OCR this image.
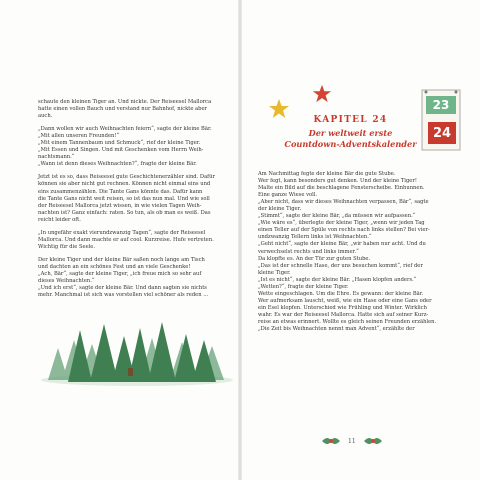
schaute den kleinen Tiger an. Und nickte. Der Reiseesel Mallorca

hatte einen vollen Bauch und verstand nur Bahnhof, nickte aber

auch.

„Dann wollen wir auch Weihnachten feiern“, sagte der kleine Bär.

„Mit allen unseren Freunden!“

„Mit einem Tannenbaum und Schmuck“, rief der kleine Tiger.

„Mit Essen und Singen. Und mit Geschenken vom Herrn Weih-

nachtsmann.“

„Wann ist denn dieses Weihnachten?“, fragte der kleine Bär.

Jetzt ist es so, dass Reiseesel gute Geschichtenerzähler sind. Dafür

können sie aber nicht gut rechnen. Können nicht einmal eins und

eins zusammenzählen. Die Tante Gans könnte das. Dafür kann

die Tante Gans nicht weit reisen, so ist das nun mal. Und wie soll

der Reiseesel Mallorca jetzt wissen, in wie vielen Tagen Weih-

nachten ist? Ganz einfach: raten. So tun, als ob man es weiß. Das

reicht leider oft.

„In ungefähr exakt vierundzwanzig Tagen“, sagte der Reiseesel

Mallorca. Und dann machte er auf cool. Kurzreise. Hufe vertreten.

Wichtig für die Seele.

Der kleine Tiger und der kleine Bär saßen noch lange am Tisch

und dachten an ein schönes Fest und an viele Geschenke!

„Ach, Bär“, sagte der kleine Tiger, „ich freue mich so sehr auf

dieses Weihnachten.“

„Und ich erst“, sagte der kleine Bär. Und dann sagten sie nichts

mehr. Manchmal ist sich was vorstellen viel schöner als reden …

23
24
KAPITEL 24
Der weltweit erste
Countdown-Adventskalender

Am Nachmittag fegte der kleine Bär die gute Stube.

Wer fegt, kann besonders gut denken. Und der kleine Tiger!

Malte ein Bild auf die beschlagene Fensterscheibe. Einhunnen.

Eine ganze Wiese voll.

„Aber nicht, dass wir dieses Weihnachten verpassen, Bär“, sagte

der kleine Tiger.

„Stimmt“, sagte der kleine Bär, „da müssen wir aufpassen.“

„Wie wäre es“, überlegte der kleine Tiger, „wenn wir jeden Tag

einen Teller auf der Spüle von rechts nach links stellen? Bei vier-

undzwanzig Tellern links ist Weihnachten.“

„Geht nicht“, sagte der kleine Bär, „wir haben nur acht. Und du

verwechselst rechts und links immer.“

Da klopfte es. An der Tür zur guten Stube.

„Das ist der schnelle Hase, der uns besuchen kommt“, rief der

kleine Tiger.

„Ist es nicht“, sagte der kleine Bär. „Hasen klopfen anders.“

„Wetten?“, fragte der kleine Tiger.

Wette eingeschlagen. Um die Ehre. Es gewann: der kleine Bär.

Wer aufmerksam lauscht, weiß, wie ein Hase oder eine Gans oder

ein Esel klopfen. Unterschied wie Frühling und Winter. Wirklich

wahr. Es war der Reiseesel Mallorca. Hatte sich auf seiner Kurz-

reise an etwas erinnert. Wollte es gleich seinen Freunden erzählen.

„Die Zeit bis Weihnachten nennt man Advent“, erzählte der

11
